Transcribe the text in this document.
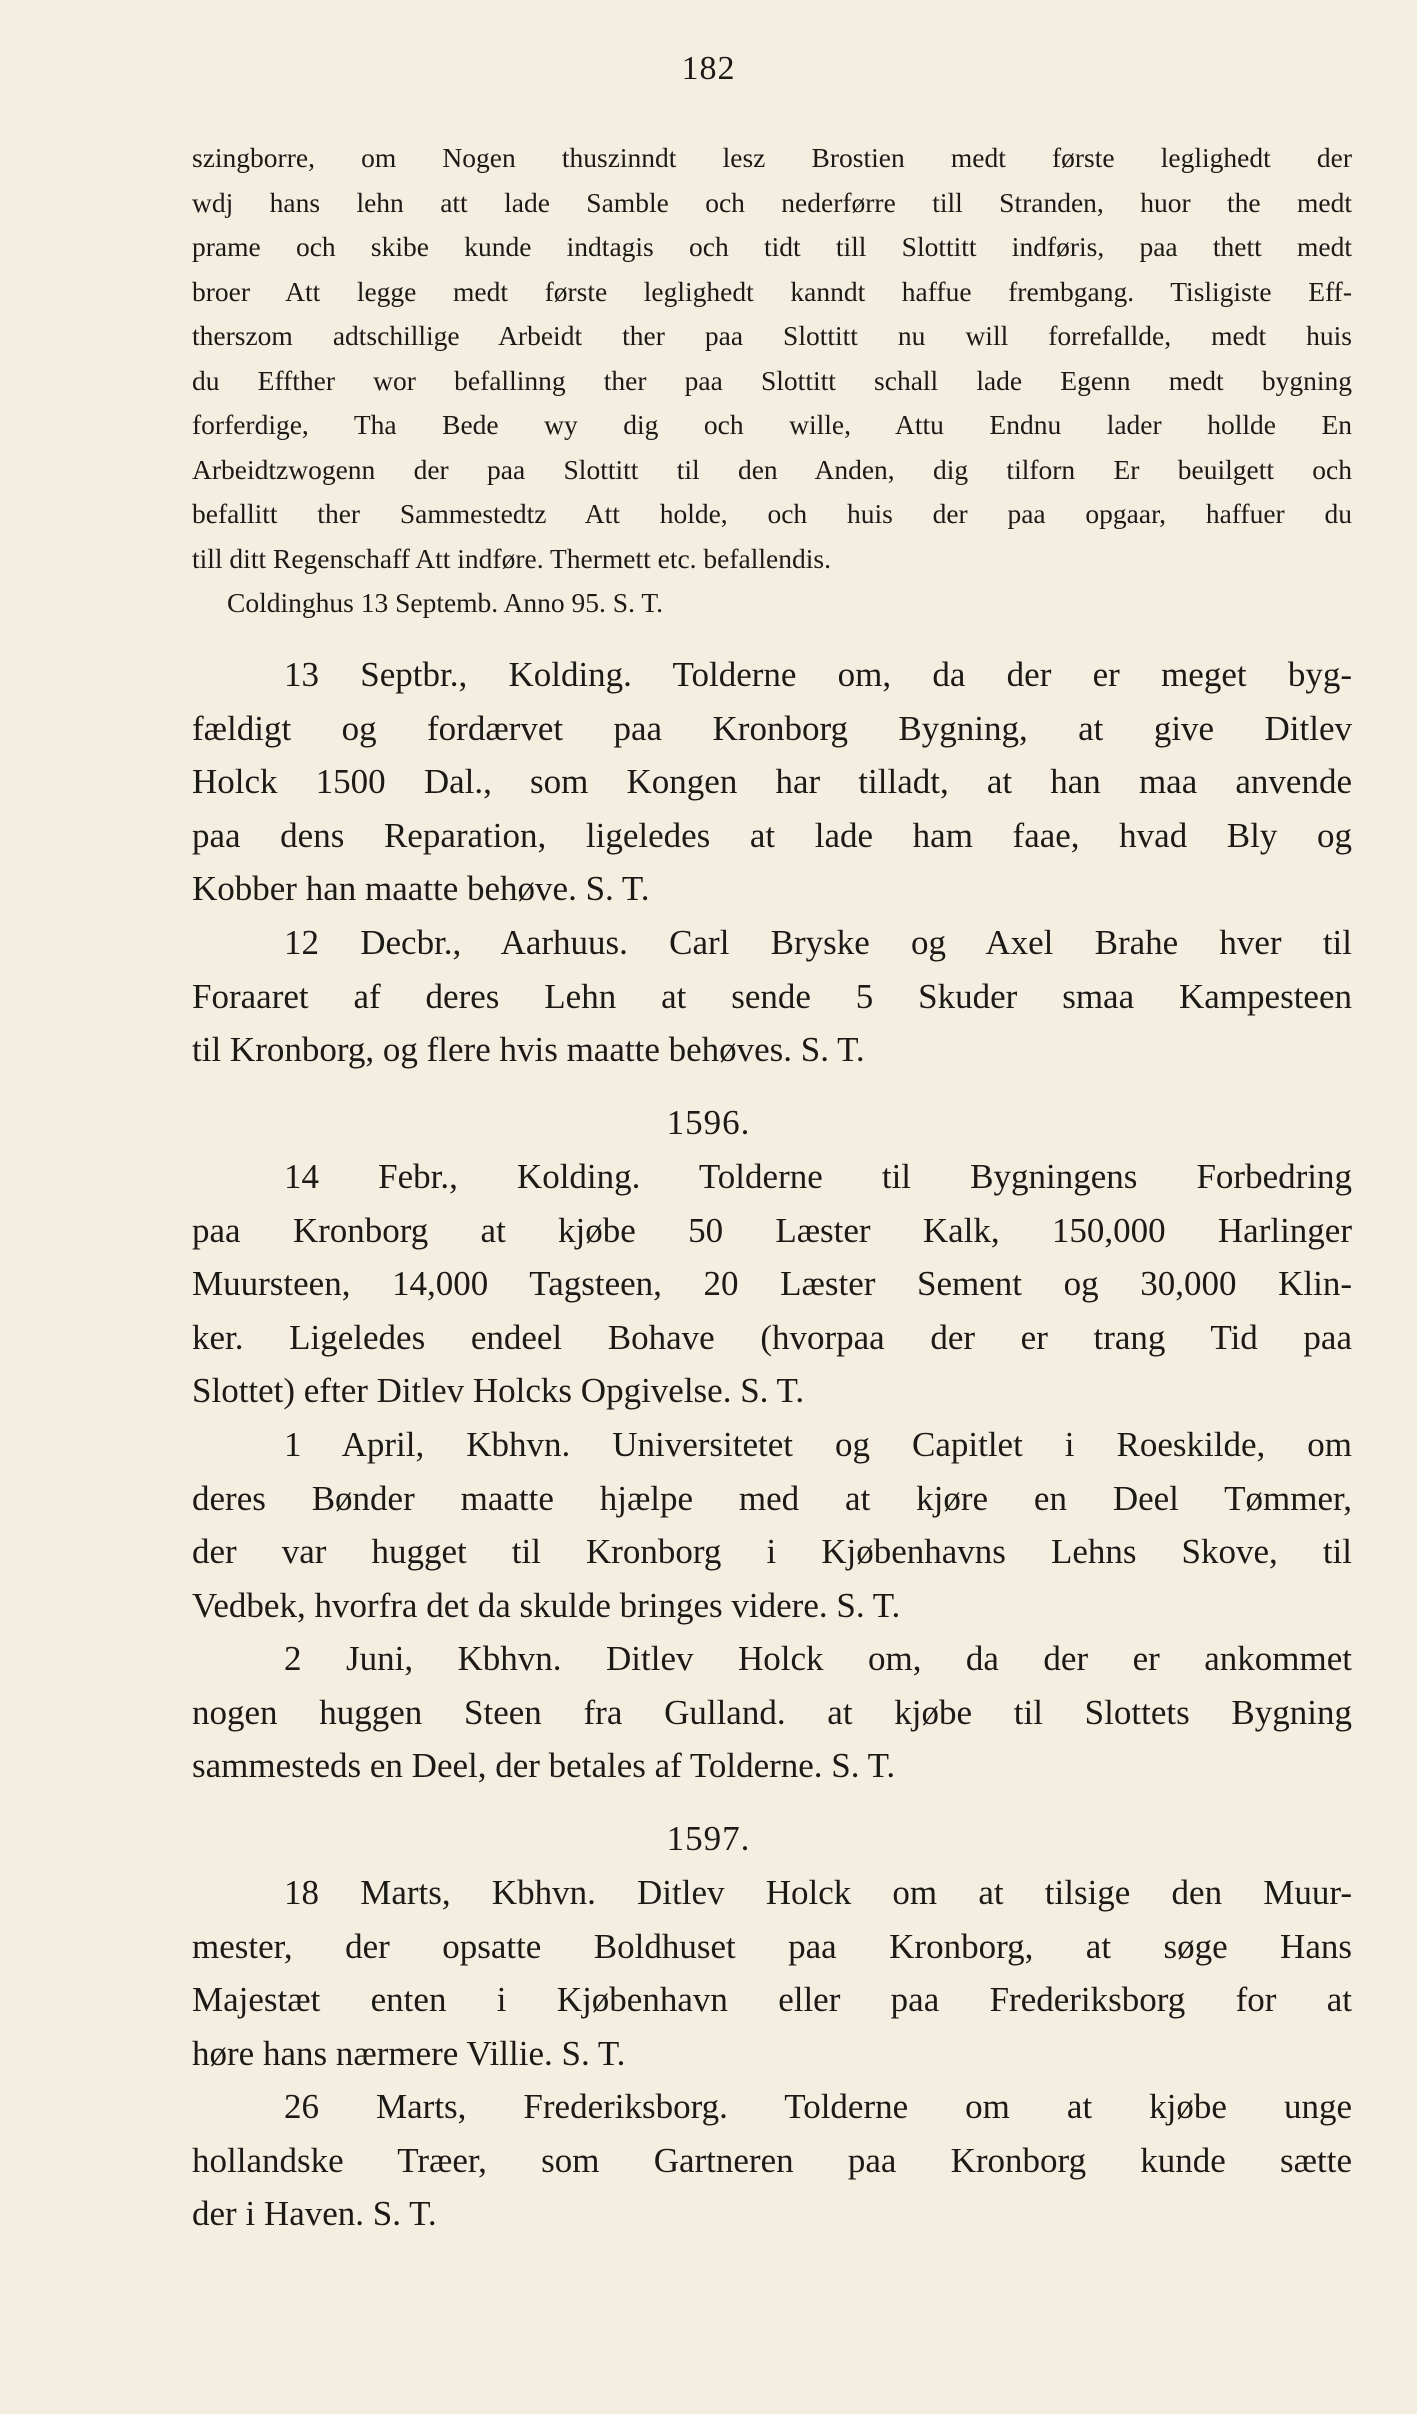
182
szingborre, om Nogen thuszinndt lesz Brostien medt første leglighedt der
wdj hans lehn att lade Samble och nederførre till Stranden, huor the medt
prame och skibe kunde indtagis och tidt till Slottitt indføris, paa thett medt
broer Att legge medt første leglighedt kanndt haffue frembgang. Tisligiste Eff-
therszom adtschillige Arbeidt ther paa Slottitt nu will forrefallde, medt huis
du Effther wor befallinng ther paa Slottitt schall lade Egenn medt bygning
forferdige, Tha Bede wy dig och wille, Attu Endnu lader hollde En
Arbeidtzwogenn der paa Slottitt til den Anden, dig tilforn Er beuilgett och
befallitt ther Sammestedtz Att holde, och huis der paa opgaar, haffuer du
till ditt Regenschaff Att indføre. Thermett etc. befallendis.
Coldinghus 13 Septemb. Anno 95. S. T.
13 Septbr., Kolding. Tolderne om, da der er meget byg-
fældigt og fordærvet paa Kronborg Bygning, at give Ditlev
Holck 1500 Dal., som Kongen har tilladt, at han maa anvende
paa dens Reparation, ligeledes at lade ham faae, hvad Bly og
Kobber han maatte behøve. S. T.
12 Decbr., Aarhuus. Carl Bryske og Axel Brahe hver til
Foraaret af deres Lehn at sende 5 Skuder smaa Kampesteen
til Kronborg, og flere hvis maatte behøves. S. T.
1596.
14 Febr., Kolding. Tolderne til Bygningens Forbedring
paa Kronborg at kjøbe 50 Læster Kalk, 150,000 Harlinger
Muursteen, 14,000 Tagsteen, 20 Læster Sement og 30,000 Klin-
ker. Ligeledes endeel Bohave (hvorpaa der er trang Tid paa
Slottet) efter Ditlev Holcks Opgivelse. S. T.
1 April, Kbhvn. Universitetet og Capitlet i Roeskilde, om
deres Bønder maatte hjælpe med at kjøre en Deel Tømmer,
der var hugget til Kronborg i Kjøbenhavns Lehns Skove, til
Vedbek, hvorfra det da skulde bringes videre. S. T.
2 Juni, Kbhvn. Ditlev Holck om, da der er ankommet
nogen huggen Steen fra Gulland. at kjøbe til Slottets Bygning
sammesteds en Deel, der betales af Tolderne. S. T.
1597.
18 Marts, Kbhvn. Ditlev Holck om at tilsige den Muur-
mester, der opsatte Boldhuset paa Kronborg, at søge Hans
Majestæt enten i Kjøbenhavn eller paa Frederiksborg for at
høre hans nærmere Villie. S. T.
26 Marts, Frederiksborg. Tolderne om at kjøbe unge
hollandske Træer, som Gartneren paa Kronborg kunde sætte
der i Haven. S. T.
